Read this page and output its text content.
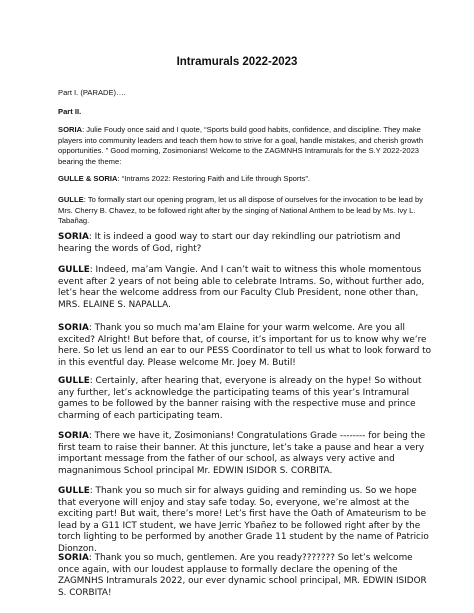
Intramurals 2022-2023

Part I. (PARADE)….

Part II.

SORIA: Julie Foudy once said and I quote, “Sports build good habits, confidence, and discipline. They make players into community leaders and teach them how to strive for a goal, handle mistakes, and cherish growth opportunities. ” Good morning, Zosimonians! Welcome to the ZAGMNHS Intramurals for the S.Y 2022-2023 bearing the theme:

GULLE & SORIA: “Intrams 2022: Restoring Faith and Life through Sports”.

GULLE: To formally start our opening program, let us all dispose of ourselves for the invocation to be lead by Mrs. Cherry B. Chavez, to be followed right after by the singing of National Anthem to be lead by Ms. Ivy L. Tabañag.

SORIA: It is indeed a good way to start our day rekindling our patriotism and hearing the words of God, right?

GULLE: Indeed, ma’am Vangie. And I can’t wait to witness this whole momentous event after 2 years of not being able to celebrate Intrams. So, without further ado, let’s hear the welcome address from our Faculty Club President, none other than, MRS. ELAINE S. NAPALLA.

SORIA: Thank you so much ma’am Elaine for your warm welcome. Are you all excited? Alright! But before that, of course, it’s important for us to know why we’re here. So let us lend an ear to our PESS Coordinator to tell us what to look forward to in this eventful day. Please welcome Mr. Joey M. Butil!

GULLE: Certainly, after hearing that, everyone is already on the hype! So without any further, let’s acknowledge the participating teams of this year’s Intramural games to be followed by the banner raising with the respective muse and prince charming of each participating team.

SORIA: There we have it, Zosimonians! Congratulations Grade -------- for being the first team to raise their banner. At this juncture, let’s take a pause and hear a very important message from the father of our school, as always very active and magnanimous School principal Mr. EDWIN ISIDOR S. CORBITA.

GULLE: Thank you so much sir for always guiding and reminding us. So we hope that everyone will enjoy and stay safe today. So, everyone, we’re almost at the exciting part! But wait, there’s more! Let’s first have the Oath of Amateurism to be lead by a G11 ICT student, we have Jerric Ybañez to be followed right after by the torch lighting to be performed by another Grade 11 student by the name of Patricio Dionzon.

SORIA: Thank you so much, gentlemen. Are you ready??????? So let’s welcome once again, with our loudest applause to formally declare the opening of the ZAGMNHS Intramurals 2022, our ever dynamic school principal, MR. EDWIN ISIDOR S. CORBITA!
